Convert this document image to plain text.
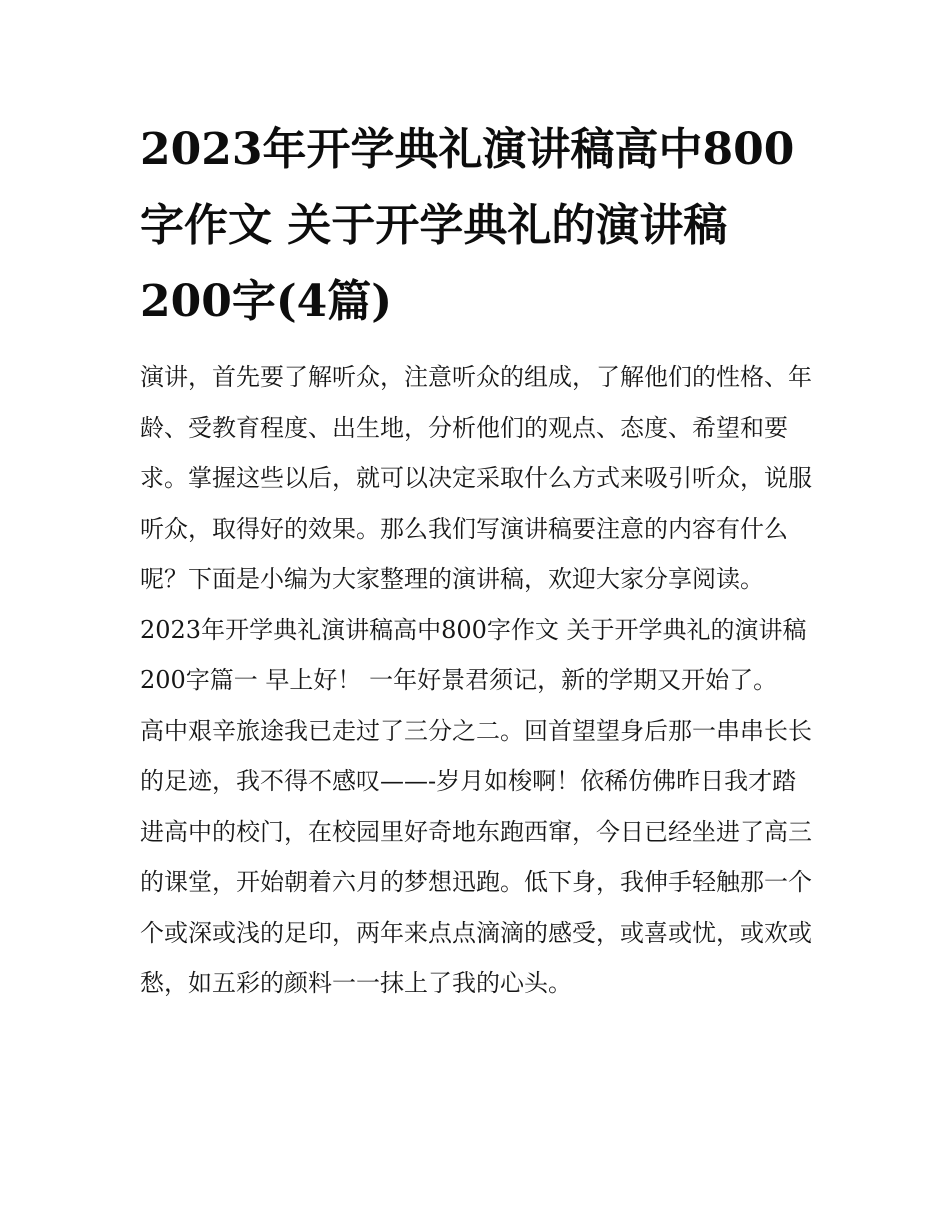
2023年开学典礼演讲稿高中800字作文 关于开学典礼的演讲稿200字(4篇)

演讲，首先要了解听众，注意听众的组成，了解他们的性格、年龄、受教育程度、出生地，分析他们的观点、态度、希望和要求。掌握这些以后，就可以决定采取什么方式来吸引听众，说服听众，取得好的效果。那么我们写演讲稿要注意的内容有什么呢？下面是小编为大家整理的演讲稿，欢迎大家分享阅读。

2023年开学典礼演讲稿高中800字作文 关于开学典礼的演讲稿200字篇一 早上好！ 一年好景君须记，新的学期又开始了。

高中艰辛旅途我已走过了三分之二。回首望望身后那一串串长长的足迹，我不得不感叹——-岁月如梭啊！依稀仿佛昨日我才踏进高中的校门，在校园里好奇地东跑西窜，今日已经坐进了高三的课堂，开始朝着六月的梦想迅跑。低下身，我伸手轻触那一个个或深或浅的足印，两年来点点滴滴的感受，或喜或忧，或欢或愁，如五彩的颜料一一抹上了我的心头。
